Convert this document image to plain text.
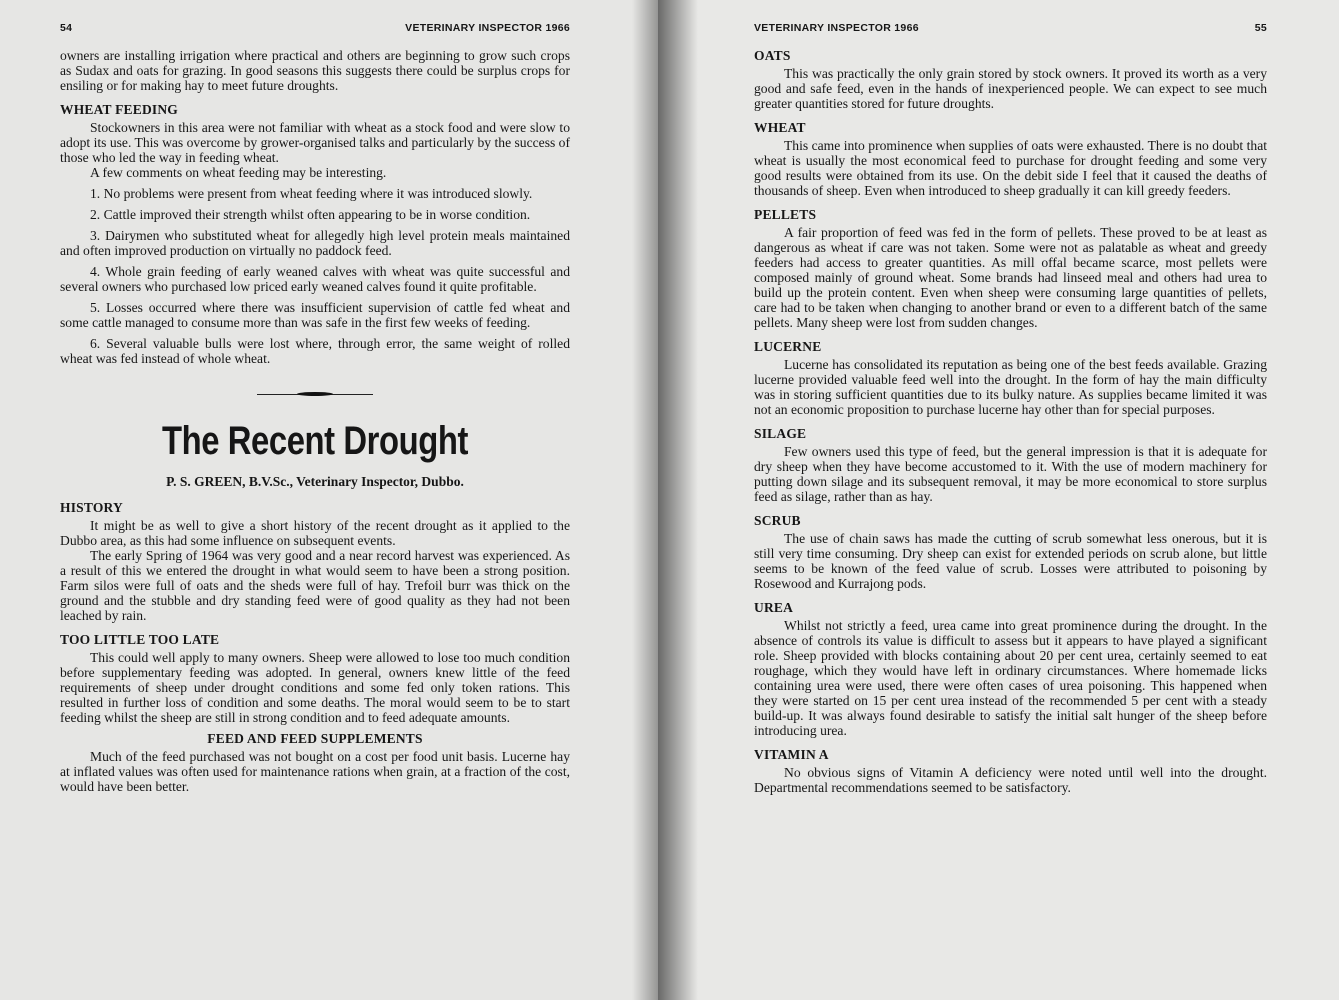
54	VETERINARY INSPECTOR 1966

owners are installing irrigation where practical and others are beginning to grow such crops as Sudax and oats for grazing. In good seasons this suggests there could be surplus crops for ensiling or for making hay to meet future droughts.

WHEAT FEEDING

Stockowners in this area were not familiar with wheat as a stock food and were slow to adopt its use. This was overcome by grower-organised talks and particularly by the success of those who led the way in feeding wheat.

A few comments on wheat feeding may be interesting.

1. No problems were present from wheat feeding where it was introduced slowly.

2. Cattle improved their strength whilst often appearing to be in worse condition.

3. Dairymen who substituted wheat for allegedly high level protein meals maintained and often improved production on virtually no paddock feed.

4. Whole grain feeding of early weaned calves with wheat was quite successful and several owners who purchased low priced early weaned calves found it quite profitable.

5. Losses occurred where there was insufficient supervision of cattle fed wheat and some cattle managed to consume more than was safe in the first few weeks of feeding.

6. Several valuable bulls were lost where, through error, the same weight of rolled wheat was fed instead of whole wheat.

The Recent Drought
P. S. GREEN, B.V.Sc., Veterinary Inspector, Dubbo.
HISTORY

It might be as well to give a short history of the recent drought as it applied to the Dubbo area, as this had some influence on subsequent events.

The early Spring of 1964 was very good and a near record harvest was experienced. As a result of this we entered the drought in what would seem to have been a strong position. Farm silos were full of oats and the sheds were full of hay. Trefoil burr was thick on the ground and the stubble and dry standing feed were of good quality as they had not been leached by rain.

TOO LITTLE TOO LATE

This could well apply to many owners. Sheep were allowed to lose too much condition before supplementary feeding was adopted. In general, owners knew little of the feed requirements of sheep under drought conditions and some fed only token rations. This resulted in further loss of condition and some deaths. The moral would seem to be to start feeding whilst the sheep are still in strong condition and to feed adequate amounts.

FEED AND FEED SUPPLEMENTS

Much of the feed purchased was not bought on a cost per food unit basis. Lucerne hay at inflated values was often used for maintenance rations when grain, at a fraction of the cost, would have been better.

VETERINARY INSPECTOR 1966	55
OATS

This was practically the only grain stored by stock owners. It proved its worth as a very good and safe feed, even in the hands of inexperienced people. We can expect to see much greater quantities stored for future droughts.

WHEAT

This came into prominence when supplies of oats were exhausted. There is no doubt that wheat is usually the most economical feed to purchase for drought feeding and some very good results were obtained from its use. On the debit side I feel that it caused the deaths of thousands of sheep. Even when introduced to sheep gradually it can kill greedy feeders.

PELLETS

A fair proportion of feed was fed in the form of pellets. These proved to be at least as dangerous as wheat if care was not taken. Some were not as palatable as wheat and greedy feeders had access to greater quantities. As mill offal became scarce, most pellets were composed mainly of ground wheat. Some brands had linseed meal and others had urea to build up the protein content. Even when sheep were consuming large quantities of pellets, care had to be taken when changing to another brand or even to a different batch of the same pellets. Many sheep were lost from sudden changes.

LUCERNE

Lucerne has consolidated its reputation as being one of the best feeds available. Grazing lucerne provided valuable feed well into the drought. In the form of hay the main difficulty was in storing sufficient quantities due to its bulky nature. As supplies became limited it was not an economic proposition to purchase lucerne hay other than for special purposes.

SILAGE

Few owners used this type of feed, but the general impression is that it is adequate for dry sheep when they have become accustomed to it. With the use of modern machinery for putting down silage and its subsequent removal, it may be more economical to store surplus feed as silage, rather than as hay.

SCRUB

The use of chain saws has made the cutting of scrub somewhat less onerous, but it is still very time consuming. Dry sheep can exist for extended periods on scrub alone, but little seems to be known of the feed value of scrub. Losses were attributed to poisoning by Rosewood and Kurrajong pods.

UREA

Whilst not strictly a feed, urea came into great prominence during the drought. In the absence of controls its value is difficult to assess but it appears to have played a significant role. Sheep provided with blocks containing about 20 per cent urea, certainly seemed to eat roughage, which they would have left in ordinary circumstances. Where homemade licks containing urea were used, there were often cases of urea poisoning. This happened when they were started on 15 per cent urea instead of the recommended 5 per cent with a steady build-up. It was always found desirable to satisfy the initial salt hunger of the sheep before introducing urea.

VITAMIN A

No obvious signs of Vitamin A deficiency were noted until well into the drought. Departmental recommendations seemed to be satisfactory.
